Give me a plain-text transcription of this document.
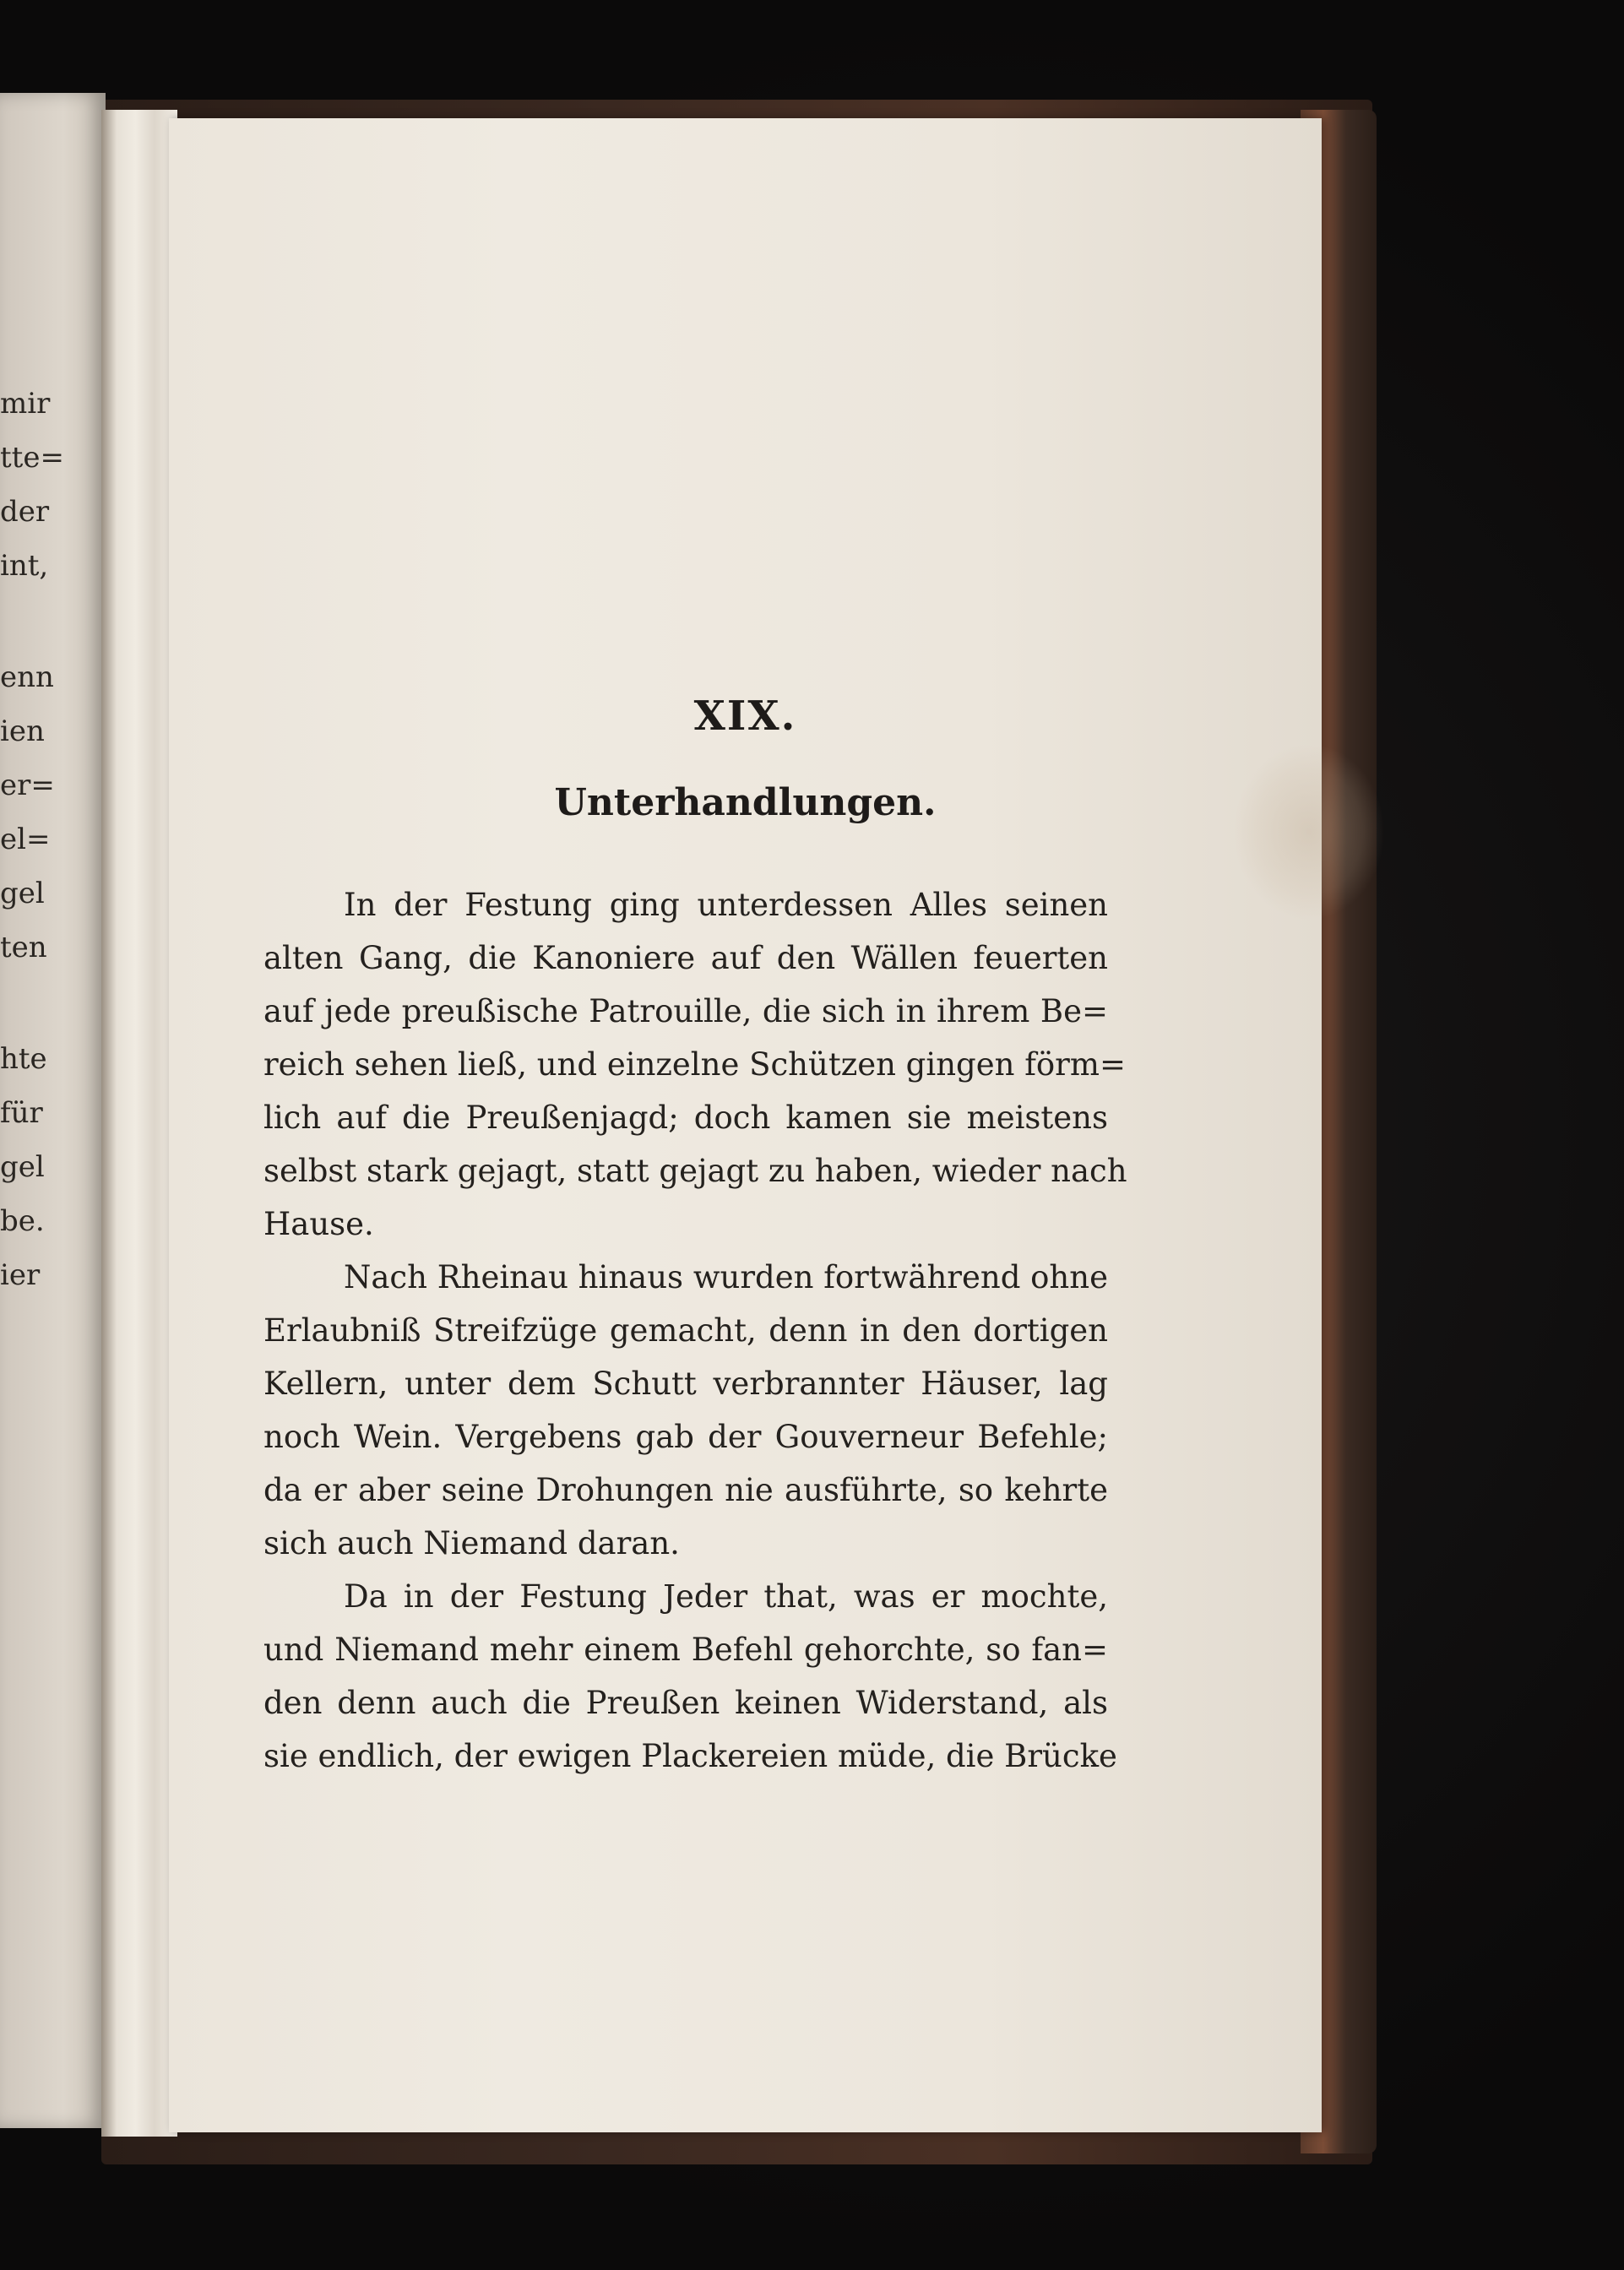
mir
tte=
der
int,
enn
ien
er=
el=
gel
ten
hte
für
gel
be.
ier
XIX.
Unterhandlungen.
In der Festung ging unterdessen Alles seinen
alten Gang, die Kanoniere auf den Wällen feuerten
auf jede preußische Patrouille, die sich in ihrem Be=
reich sehen ließ, und einzelne Schützen gingen förm=
lich auf die Preußenjagd; doch kamen sie meistens
selbst stark gejagt, statt gejagt zu haben, wieder nach
Hause.
Nach Rheinau hinaus wurden fortwährend ohne
Erlaubniß Streifzüge gemacht, denn in den dortigen
Kellern, unter dem Schutt verbrannter Häuser, lag
noch Wein. Vergebens gab der Gouverneur Befehle;
da er aber seine Drohungen nie ausführte, so kehrte
sich auch Niemand daran.
Da in der Festung Jeder that, was er mochte,
und Niemand mehr einem Befehl gehorchte, so fan=
den denn auch die Preußen keinen Widerstand, als
sie endlich, der ewigen Plackereien müde, die Brücke
